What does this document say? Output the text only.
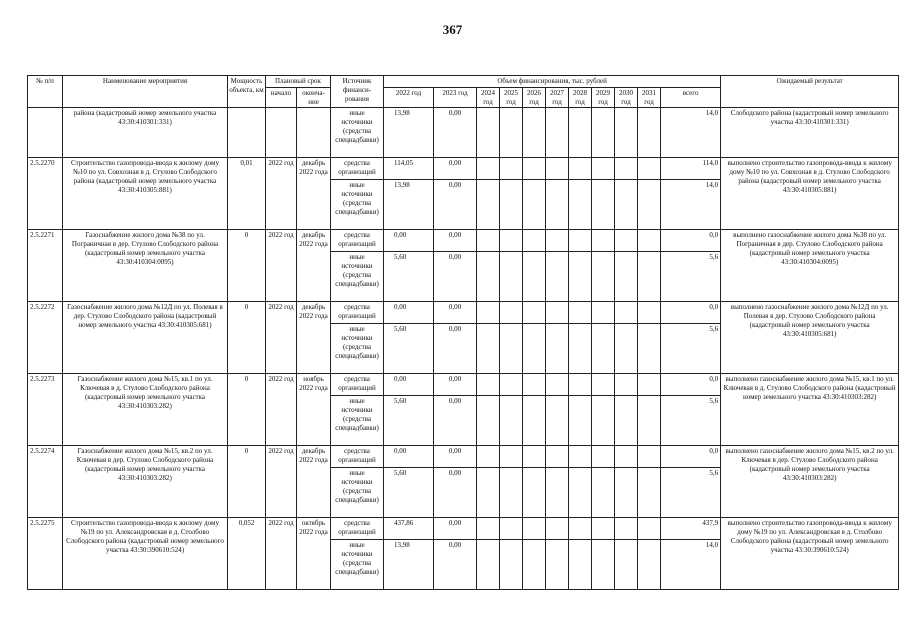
367
№ п/п	Наименование мероприятия	Мощность объекта, км	Плановый срок		Источник финанси-рования	Объем финансирования, тыс. рублей											Ожидаемый результат
			начало	оконча-ние		2022 год	2023 год	2024 год	2025 год	2026 год	2027 год	2028 год	2029 год	2030 год	2031 год	всего	
	района (кадастровый номер земельного участка 43:30:410301:331)				иные источники (средства спецнадбавки)	13,98	0,00									14,0	Слободского района (кадастровый номер земельного участка 43:30:410301:331)
2.5.2270	Строительство газопровода-ввода к жилому дому №10 по ул. Совхозная в д. Стулово Слободского района (кадастровый номер земельного участка 43:30:410305:881)	0,01	2022 год	декабрь 2022 года	средства организаций	114,05	0,00									114,0	выполнено строительство газопровода-ввода к жилому дому №10 по ул. Совхозная в д. Стулово Слободского района (кадастровый номер земельного участка 43:30:410305:881)
					иные источники (средства спецнадбавки)	13,98	0,00									14,0	
2.5.2271	Газоснабжение жилого дома №38 по ул. Пограничная в дер. Стулово Слободского района (кадастровый номер земельного участка 43:30:410304:0095)	0	2022 год	декабрь 2022 года	средства организаций	0,00	0,00									0,0	выполнено газоснабжение жилого дома №38 по ул. Пограничная в дер. Стулово Слободского района (кадастровый номер земельного участка 43:30:410304:0095)
					иные источники (средства спецнадбавки)	5,60	0,00									5,6	
2.5.2272	Газоснабжение жилого дома №12Д по ул. Полевая в дер. Стулово Слободского района (кадастровый номер земельного участка 43:30:410305:681)	0	2022 год	декабрь 2022 года	средства организаций	0,00	0,00									0,0	выполнено газоснабжение жилого дома №12Д по ул. Полевая в дер. Стулово Слободского района (кадастровый номер земельного участка 43:30:410305:681)
					иные источники (средства спецнадбавки)	5,60	0,00									5,6	
2.5.2273	Газоснабжение жилого дома №15, кв.1 по ул. Ключевая в д. Стулово Слободского района (кадастровый номер земельного участка 43:30:410303:282)	0	2022 год	ноябрь 2022 года	средства организаций	0,00	0,00									0,0	выполнено газоснабжение жилого дома №15, кв.1 по ул. Ключевая в д. Стулово Слободского района (кадастровый номер земельного участка 43:30:410303:282)
					иные источники (средства спецнадбавки)	5,60	0,00									5,6	
2.5.2274	Газоснабжение жилого дома №15, кв.2 по ул. Ключевая в дер. Стулово Слободского района (кадастровый номер земельного участка 43:30:410303:282)	0	2022 год	декабрь 2022 года	средства организаций	0,00	0,00									0,0	выполнено газоснабжение жилого дома №15, кв.2 по ул. Ключевая в дер. Стулово Слободского района (кадастровый номер земельного участка 43:30:410303:282)
					иные источники (средства спецнадбавки)	5,60	0,00									5,6	
2.5.2275	Строительство газопровода-ввода к жилому дому №19 по ул. Александровская в д. Столбово Слободского района (кадастровый номер земельного участка 43:30:390610:524)	0,052	2022 год	октябрь 2022 года	средства организаций	437,86	0,00									437,9	выполнено строительство газопровода-ввода к жилому дому №19 по ул. Александровская в д. Столбово Слободского района (кадастровый номер земельного участка 43:30:390610:524)
					иные источники (средства спецнадбавки)	13,98	0,00									14,0	
